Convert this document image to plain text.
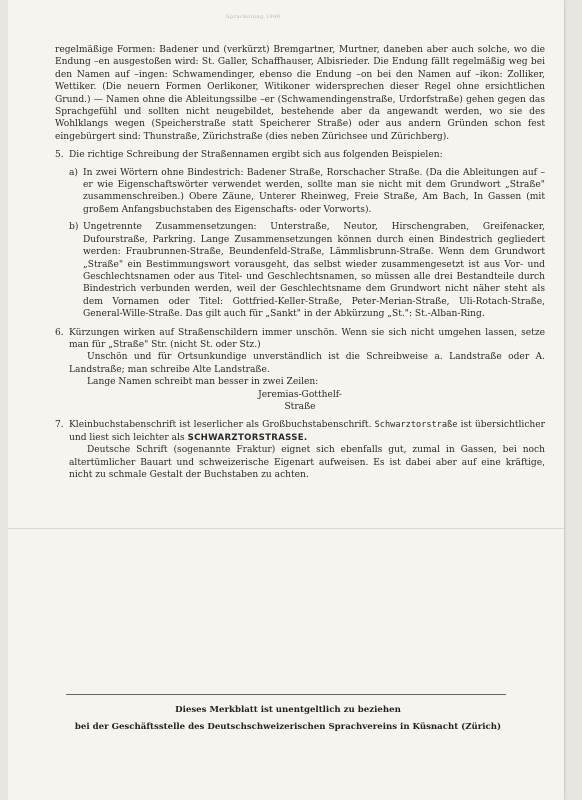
Spracholung 1946

regelmäßige Formen: Badener und (verkürzt) Bremgartner, Murtner, daneben aber auch solche, wo die Endung –en ausgestoßen wird: St. Galler, Schaffhauser, Albisrieder. Die Endung fällt regelmäßig weg bei den Namen auf –ingen: Schwamendinger, ebenso die Endung –on bei den Namen auf –ikon: Zolliker, Wettiker. (Die neuern Formen Oerlikoner, Witikoner widersprechen dieser Regel ohne ersichtlichen Grund.) — Namen ohne die Ableitungssilbe –er (Schwamendingenstraße, Urdorfstraße) gehen gegen das Sprachgefühl und sollten nicht neugebildet, bestehende aber da angewandt werden, wo sie des Wohlklangs wegen (Speicherstraße statt Speicherer Straße) oder aus andern Gründen schon fest eingebürgert sind: Thunstraße, Zürichstraße (dies neben Zürichsee und Zürichberg).

5. Die richtige Schreibung der Straßennamen ergibt sich aus folgenden Beispielen:
a) In zwei Wörtern ohne Bindestrich: Badener Straße, Rorschacher Straße. (Da die Ableitungen auf –er wie Eigenschaftswörter verwendet werden, sollte man sie nicht mit dem Grundwort „Straße" zusammenschreiben.) Obere Zäune, Unterer Rheinweg, Freie Straße, Am Bach, In Gassen (mit großem Anfangsbuchstaben des Eigenschafts- oder Vorworts).
b) Ungetrennte Zusammensetzungen: Unterstraße, Neutor, Hirschengraben, Greifenacker, Dufourstraße, Parkring. Lange Zusammensetzungen können durch einen Bindestrich gegliedert werden: Fraubrunnen-Straße, Beundenfeld-Straße, Lämmlisbrunn-Straße. Wenn dem Grundwort „Straße" ein Bestimmungswort vorausgeht, das selbst wieder zusammengesetzt ist aus Vor- und Geschlechtsnamen oder aus Titel- und Geschlechtsnamen, so müssen alle drei Bestandteile durch Bindestrich verbunden werden, weil der Geschlechtsname dem Grundwort nicht näher steht als dem Vornamen oder Titel: Gottfried-Keller-Straße, Peter-Merian-Straße, Uli-Rotach-Straße, General-Wille-Straße. Das gilt auch für „Sankt" in der Abkürzung „St.": St.-Alban-Ring.
6. Kürzungen wirken auf Straßenschildern immer unschön. Wenn sie sich nicht umgehen lassen, setze man für „Straße" Str. (nicht St. oder Stz.)

Unschön und für Ortsunkundige unverständlich ist die Schreibweise a. Landstraße oder A. Landstraße; man schreibe Alte Landstraße.

Lange Namen schreibt man besser in zwei Zeilen:

Jeremias-Gotthelf-

Straße

7. Kleinbuchstabenschrift ist leserlicher als Großbuchstabenschrift. Schwarztorstraße ist übersichtlicher und liest sich leichter als SCHWARZTORSTRASSE.

Deutsche Schrift (sogenannte Fraktur) eignet sich ebenfalls gut, zumal in Gassen, bei noch altertümlicher Bauart und schweizerische Eigenart aufweisen. Es ist dabei aber auf eine kräftige, nicht zu schmale Gestalt der Buchstaben zu achten.

Dieses Merkblatt ist unentgeltlich zu beziehen
bei der Geschäftsstelle des Deutschschweizerischen Sprachvereins in Küsnacht (Zürich)
